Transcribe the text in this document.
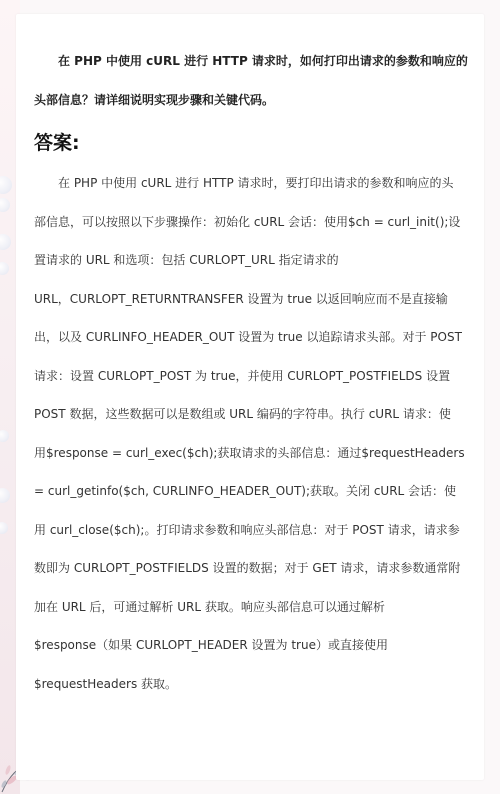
在 PHP 中使用 cURL 进行 HTTP 请求时，如何打印出请求的参数和响应的头部信息？请详细说明实现步骤和关键代码。

答案:
在 PHP 中使用 cURL 进行 HTTP 请求时，要打印出请求的参数和响应的头
部信息，可以按照以下步骤操作：初始化 cURL 会话：使用$ch = curl_init();设
置请求的 URL 和选项：包括 CURLOPT_URL 指定请求的
URL，CURLOPT_RETURNTRANSFER 设置为 true 以返回响应而不是直接输
出，以及 CURLINFO_HEADER_OUT 设置为 true 以追踪请求头部。对于 POST
请求：设置 CURLOPT_POST 为 true，并使用 CURLOPT_POSTFIELDS 设置
POST 数据，这些数据可以是数组或 URL 编码的字符串。执行 cURL 请求：使
用$response = curl_exec($ch);获取请求的头部信息：通过$requestHeaders
= curl_getinfo($ch, CURLINFO_HEADER_OUT);获取。关闭 cURL 会话：使
用 curl_close($ch);。打印请求参数和响应头部信息：对于 POST 请求，请求参
数即为 CURLOPT_POSTFIELDS 设置的数据；对于 GET 请求，请求参数通常附
加在 URL 后，可通过解析 URL 获取。响应头部信息可以通过解析
$response（如果 CURLOPT_HEADER 设置为 true）或直接使用
$requestHeaders 获取。
